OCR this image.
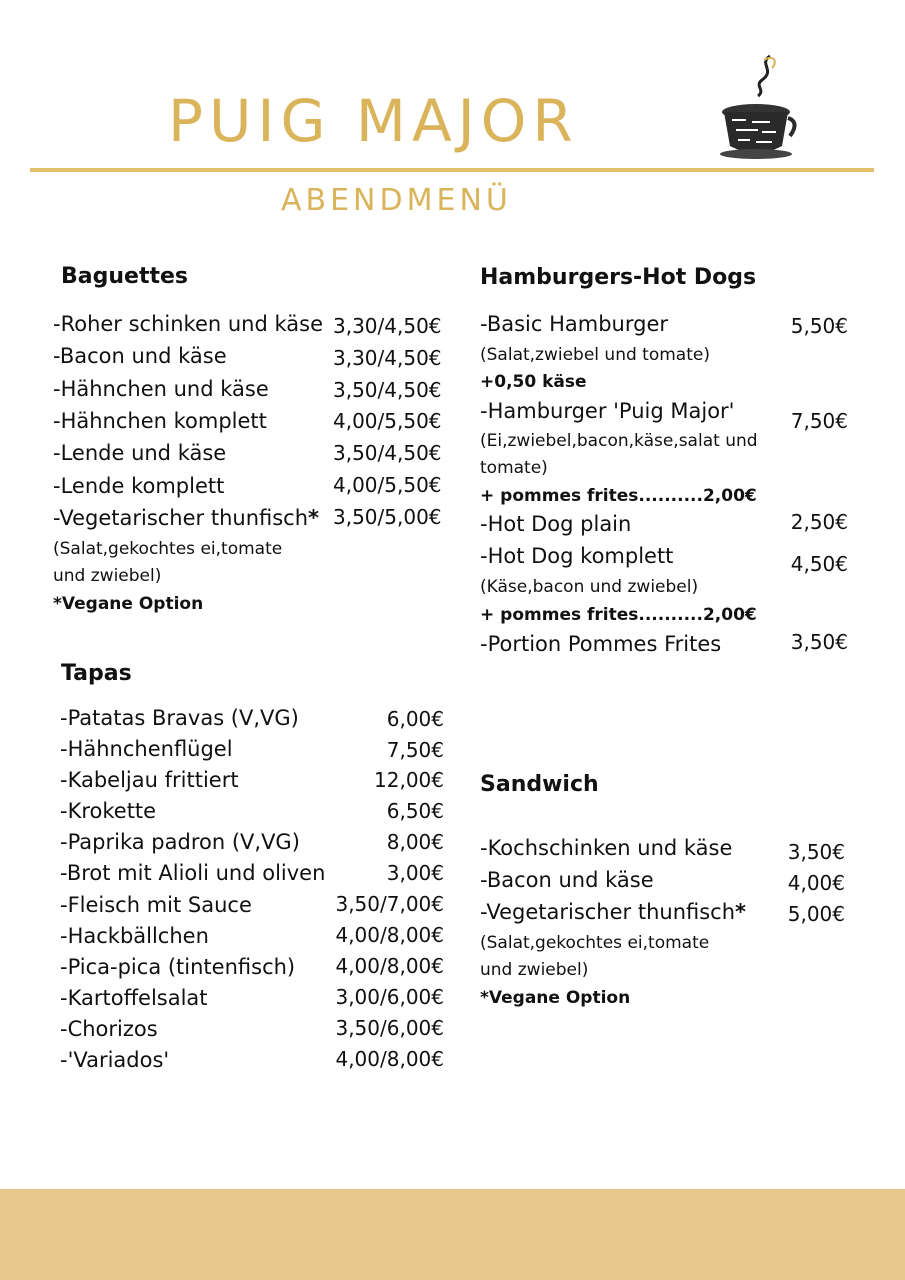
PUIG MAJOR
ABENDMENÜ
Baguettes
-Roher schinken und käse 3,30/4,50€
-Bacon und käse	3,30/4,50€
-Hähnchen und käse	3,50/4,50€
-Hähnchen komplett	4,00/5,50€
-Lende und käse	3,50/4,50€
-Lende komplett	4,00/5,50€
-Vegetarischer thunfisch* 3,50/5,00€
(Salat,gekochtes ei,tomate
und zwiebel)
*Vegane Option
Tapas
-Patatas Bravas (V,VG)	6,00€
-Hähnchenflügel	7,50€
-Kabeljau frittiert	12,00€
-Krokette	6,50€
-Paprika padron (V,VG)	8,00€
-Brot mit Alioli und oliven	3,00€
-Fleisch mit Sauce	3,50/7,00€
-Hackbällchen	4,00/8,00€
-Pica-pica (tintenfisch) 4,00/8,00€
-Kartoffelsalat	3,00/6,00€
-Chorizos	3,50/6,00€
-'Variados'	4,00/8,00€
Hamburgers-Hot Dogs
-Basic Hamburger	5,50€
(Salat,zwiebel und tomate)
+0,50 käse
-Hamburger 'Puig Major'	7,50€
(Ei,zwiebel,bacon,käse,salat und
tomate)
+ pommes frites..........2,00€
-Hot Dog plain	2,50€
-Hot Dog komplett	4,50€
(Käse,bacon und zwiebel)
+ pommes frites..........2,00€
-Portion Pommes Frites	3,50€
Sandwich
-Kochschinken und käse	3,50€
-Bacon und käse	4,00€
-Vegetarischer thunfisch* 5,00€
(Salat,gekochtes ei,tomate
und zwiebel)
*Vegane Option
